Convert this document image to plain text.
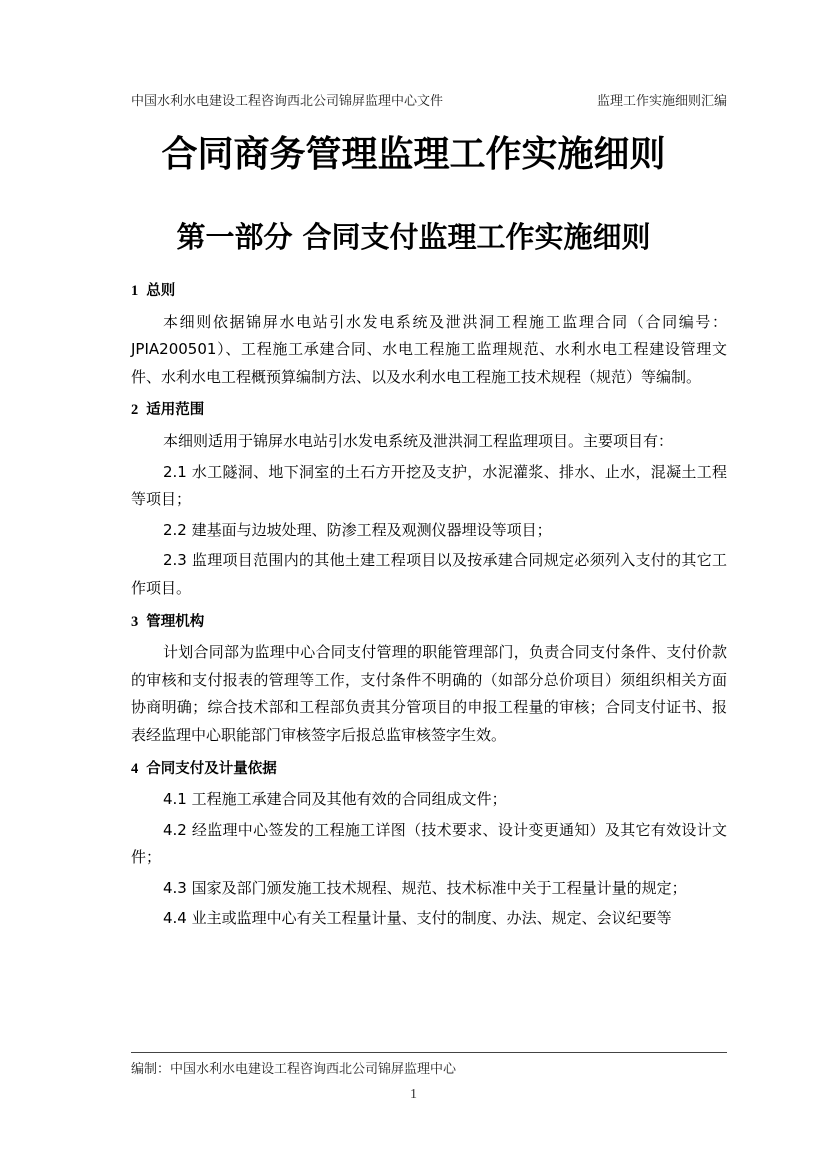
中国水利水电建设工程咨询西北公司锦屏监理中心文件	监理工作实施细则汇编
合同商务管理监理工作实施细则
第一部分 合同支付监理工作实施细则
1 总则

本细则依据锦屏水电站引水发电系统及泄洪洞工程施工监理合同（合同编号：JPIA200501）、工程施工承建合同、水电工程施工监理规范、水利水电工程建设管理文件、水利水电工程概预算编制方法、以及水利水电工程施工技术规程（规范）等编制。

2 适用范围

本细则适用于锦屏水电站引水发电系统及泄洪洞工程监理项目。主要项目有：

2.1 水工隧洞、地下洞室的土石方开挖及支护，水泥灌浆、排水、止水，混凝土工程等项目；

2.2 建基面与边坡处理、防渗工程及观测仪器埋设等项目；

2.3 监理项目范围内的其他土建工程项目以及按承建合同规定必须列入支付的其它工作项目。

3 管理机构

计划合同部为监理中心合同支付管理的职能管理部门，负责合同支付条件、支付价款的审核和支付报表的管理等工作，支付条件不明确的（如部分总价项目）须组织相关方面协商明确；综合技术部和工程部负责其分管项目的申报工程量的审核；合同支付证书、报表经监理中心职能部门审核签字后报总监审核签字生效。

4 合同支付及计量依据

4.1 工程施工承建合同及其他有效的合同组成文件；

4.2 经监理中心签发的工程施工详图（技术要求、设计变更通知）及其它有效设计文件；

4.3 国家及部门颁发施工技术规程、规范、技术标准中关于工程量计量的规定；

4.4 业主或监理中心有关工程量计量、支付的制度、办法、规定、会议纪要等

编制：中国水利水电建设工程咨询西北公司锦屏监理中心
1
